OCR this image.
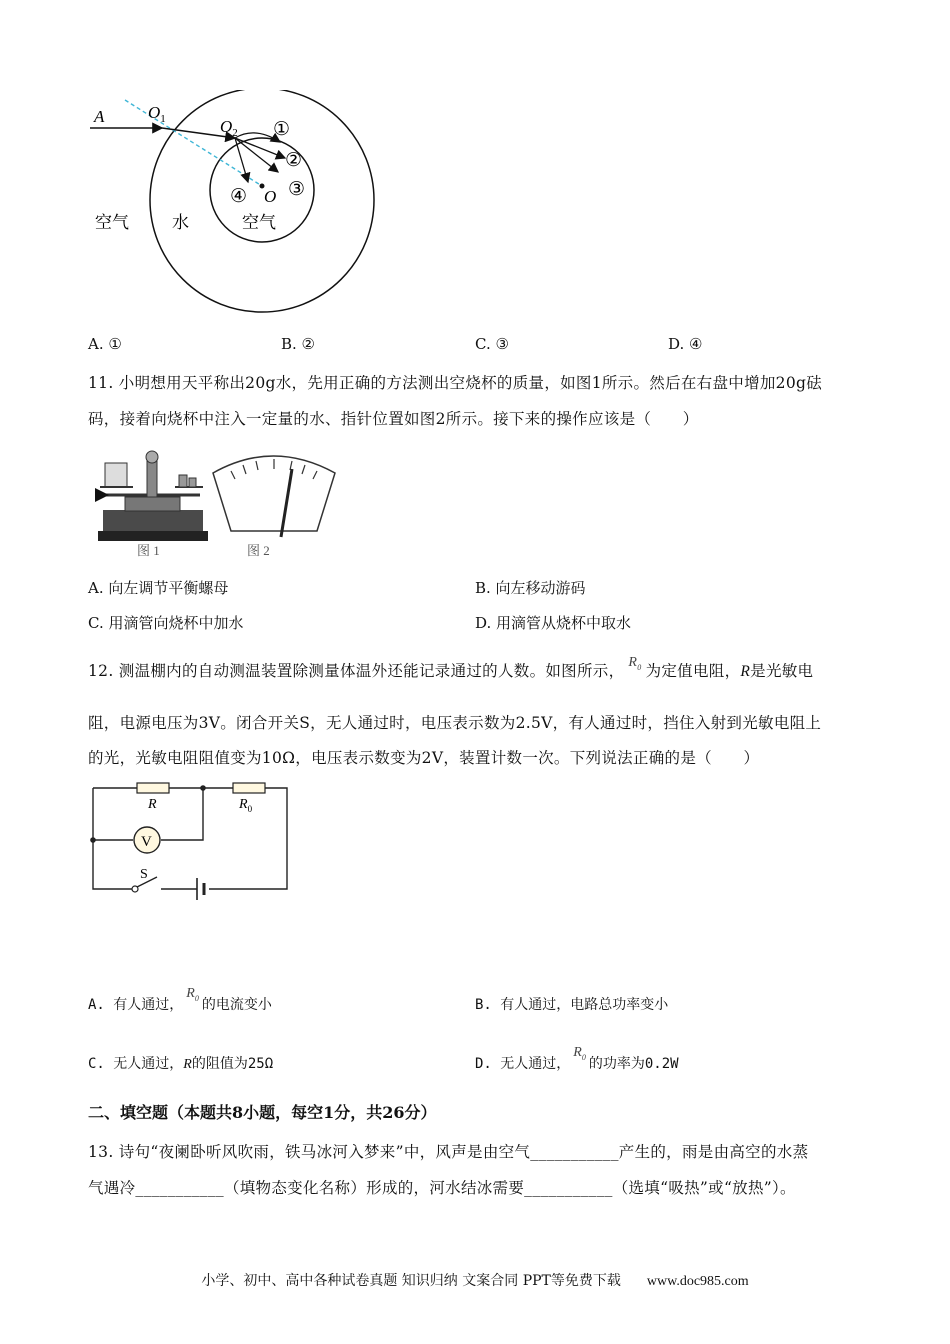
A	$O_1$	$O_2$
O
①
②
③
④
空气	水	空气
A. ①	B. ②	C. ③	D. ④
11. 小明想用天平称出20g水，先用正确的方法测出空烧杯的质量，如图1所示。然后在右盘中增加20g砝
码，接着向烧杯中注入一定量的水、指针位置如图2所示。接下来的操作应该是（　　）
图 1	图 2
A. 向左调节平衡螺母	B. 向左移动游码
C. 用滴管向烧杯中加水	D. 用滴管从烧杯中取水
12. 测温棚内的自动测温装置除测量体温外还能记录通过的人数。如图所示， $R_0$ 为定值电阻，R是光敏电
阻，电源电压为3V。闭合开关S，无人通过时，电压表示数为2.5V，有人通过时，挡住入射到光敏电阻上
的光，光敏电阻阻值变为10Ω，电压表示数变为2V，装置计数一次。下列说法正确的是（　　）
V
R	$R_0$
S
A. 有人通过，$R_0$ 的电流变小	B. 有人通过，电路总功率变小
C. 无人通过，R的阻值为25Ω	D. 无人通过，$R_0$ 的功率为0.2W
二、填空题（本题共8小题，每空1分，共26分）
13. 诗句“夜阑卧听风吹雨，铁马冰河入梦来”中，风声是由空气___________产生的，雨是由高空的水蒸
气遇冷___________（填物态变化名称）形成的，河水结冰需要___________（选填“吸热”或“放热”）。
小学、初中、高中各种试卷真题 知识归纳 文案合同 PPT等免费下载 www.doc985.com
